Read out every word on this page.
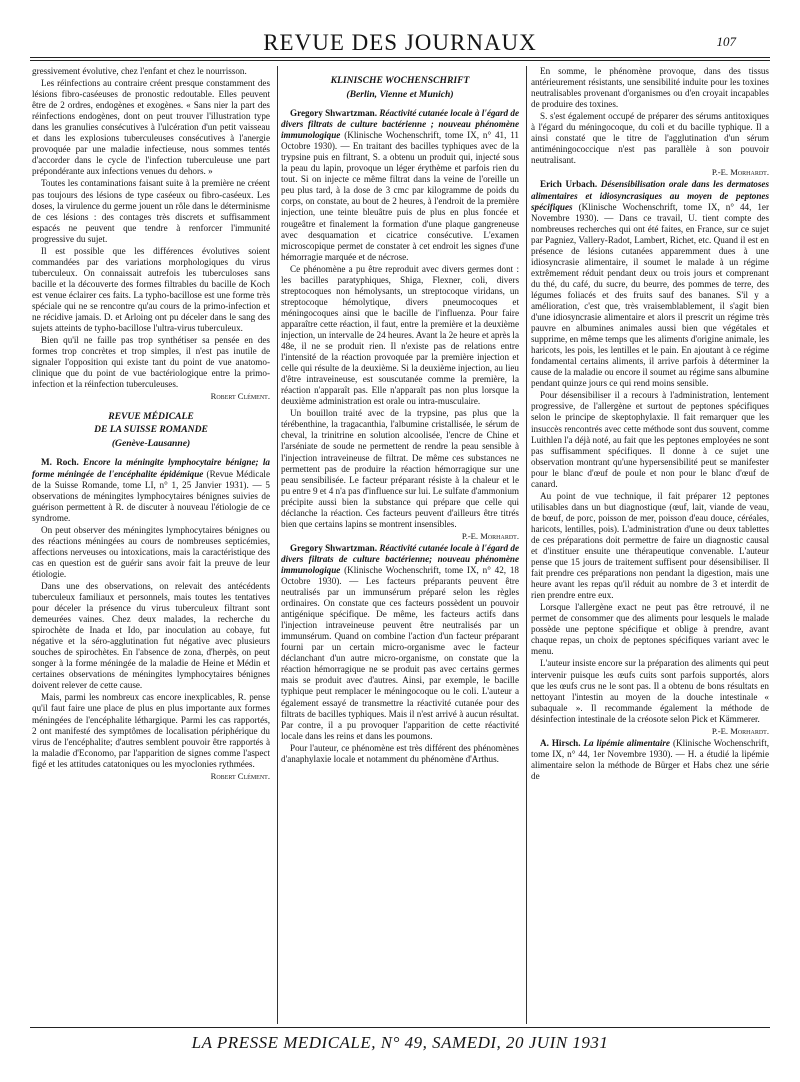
REVUE DES JOURNAUX	107

gressivement évolutive, chez l'enfant et chez le nourrisson.

Les réinfections au contraire créent presque constamment des lésions fibro-caséeuses de pronostic redoutable. Elles peuvent être de 2 ordres, endogènes et exogènes. « Sans nier la part des réinfections endogènes, dont on peut trouver l'illustration type dans les granulies consécutives à l'ulcération d'un petit vaisseau et dans les explosions tuberculeuses consécutives à l'anergie provoquée par une maladie infectieuse, nous sommes tentés d'accorder dans le cycle de l'infection tuberculeuse une part prépondérante aux infections venues du dehors. »

Toutes les contaminations faisant suite à la première ne créent pas toujours des lésions de type caséeux ou fibro-caséeux. Les doses, la virulence du germe jouent un rôle dans le déterminisme de ces lésions : des contages très discrets et suffisamment espacés ne peuvent que tendre à renforcer l'immunité progressive du sujet.

Il est possible que les différences évolutives soient commandées par des variations morphologiques du virus tuberculeux. On connaissait autrefois les tuberculoses sans bacille et la découverte des formes filtrables du bacille de Koch est venue éclairer ces faits. La typho-bacillose est une forme très spéciale qui ne se rencontre qu'au cours de la primo-infection et ne récidive jamais. D. et Arloing ont pu déceler dans le sang des sujets atteints de typho-bacillose l'ultra-virus tuberculeux.

Bien qu'il ne faille pas trop synthétiser sa pensée en des formes trop concrètes et trop simples, il n'est pas inutile de signaler l'opposition qui existe tant du point de vue anatomo-clinique que du point de vue bactériologique entre la primo-infection et la réinfection tuberculeuses.

Robert Clément.

REVUE MÉDICALE
DE LA SUISSE ROMANDE
(Genève-Lausanne)

M. Roch. Encore la méningite lymphocytaire bénigne; la forme méningée de l'encéphalite épidémique (Revue Médicale de la Suisse Romande, tome LI, n° 1, 25 Janvier 1931). — 5 observations de méningites lymphocytaires bénignes suivies de guérison permettent à R. de discuter à nouveau l'étiologie de ce syndrome.

On peut observer des méningites lymphocytaires bénignes ou des réactions méningées au cours de nombreuses septicémies, affections nerveuses ou intoxications, mais la caractéristique des cas en question est de guérir sans avoir fait la preuve de leur étiologie.

Dans une des observations, on relevait des antécédents tuberculeux familiaux et personnels, mais toutes les tentatives pour déceler la présence du virus tuberculeux filtrant sont demeurées vaines. Chez deux malades, la recherche du spirochète de Inada et Ido, par inoculation au cobaye, fut négative et la séro-agglutination fut négative avec plusieurs souches de spirochètes. En l'absence de zona, d'herpès, on peut songer à la forme méningée de la maladie de Heine et Médin et certaines observations de méningites lymphocytaires bénignes doivent relever de cette cause.

Mais, parmi les nombreux cas encore inexplicables, R. pense qu'il faut faire une place de plus en plus importante aux formes méningées de l'encéphalite léthargique. Parmi les cas rapportés, 2 ont manifesté des symptômes de localisation périphérique du virus de l'encéphalite; d'autres semblent pouvoir être rapportés à la maladie d'Economo, par l'apparition de signes comme l'aspect figé et les attitudes catatoniques ou les myoclonies rythmées.

Robert Clément.

KLINISCHE WOCHENSCHRIFT
(Berlin, Vienne et Munich)

Gregory Shwartzman. Réactivité cutanée locale à l'égard de divers filtrats de culture bactérienne ; nouveau phénomène immunologique (Klinische Wochenschrift, tome IX, n° 41, 11 Octobre 1930). — En traitant des bacilles typhiques avec de la trypsine puis en filtrant, S. a obtenu un produit qui, injecté sous la peau du lapin, provoque un léger érythème et parfois rien du tout. Si on injecte ce même filtrat dans la veine de l'oreille un peu plus tard, à la dose de 3 cmc par kilogramme de poids du corps, on constate, au bout de 2 heures, à l'endroit de la première injection, une teinte bleuâtre puis de plus en plus foncée et rougeâtre et finalement la formation d'une plaque gangreneuse avec desquamation et cicatrice consécutive. L'examen microscopique permet de constater à cet endroit les signes d'une hémorragie marquée et de nécrose.

Ce phénomène a pu être reproduit avec divers germes dont : les bacilles paratyphiques, Shiga, Flexner, coli, divers streptocoques non hémolysants, un streptocoque viridans, un streptocoque hémolytique, divers pneumocoques et méningocoques ainsi que le bacille de l'influenza. Pour faire apparaître cette réaction, il faut, entre la première et la deuxième injection, un intervalle de 24 heures. Avant la 2e heure et après la 48e, il ne se produit rien. Il n'existe pas de relations entre l'intensité de la réaction provoquée par la première injection et celle qui résulte de la deuxième. Si la deuxième injection, au lieu d'être intraveineuse, est souscutanée comme la première, la réaction n'apparaît pas. Elle n'apparaît pas non plus lorsque la deuxième administration est orale ou intra-musculaire.

Un bouillon traité avec de la trypsine, pas plus que la térébenthine, la tragacanthia, l'albumine cristallisée, le sérum de cheval, la trinitrine en solution alcoolisée, l'encre de Chine et l'arséniate de soude ne permettent de rendre la peau sensible à l'injection intraveineuse de filtrat. De même ces substances ne permettent pas de produire la réaction hémorragique sur une peau sensibilisée. Le facteur préparant résiste à la chaleur et le pu entre 9 et 4 n'a pas d'influence sur lui. Le sulfate d'ammonium précipite aussi bien la substance qui prépare que celle qui déclanche la réaction. Ces facteurs peuvent d'ailleurs être titrés bien que certains lapins se montrent insensibles.

P.-E. Morhardt.

Gregory Shwartzman. Réactivité cutanée locale à l'égard de divers filtrats de culture bactérienne; nouveau phénomène immunologique (Klinische Wochenschrift, tome IX, n° 42, 18 Octobre 1930). — Les facteurs préparants peuvent être neutralisés par un immunsérum préparé selon les règles ordinaires. On constate que ces facteurs possèdent un pouvoir antigénique spécifique. De même, les facteurs actifs dans l'injection intraveineuse peuvent être neutralisés par un immunsérum. Quand on combine l'action d'un facteur préparant fourni par un certain micro-organisme avec le facteur déclanchant d'un autre micro-organisme, on constate que la réaction hémorragique ne se produit pas avec certains germes mais se produit avec d'autres. Ainsi, par exemple, le bacille typhique peut remplacer le méningocoque ou le coli. L'auteur a également essayé de transmettre la réactivité cutanée pour des filtrats de bacilles typhiques. Mais il n'est arrivé à aucun résultat. Par contre, il a pu provoquer l'apparition de cette réactivité locale dans les reins et dans les poumons.

Pour l'auteur, ce phénomène est très différent des phénomènes d'anaphylaxie locale et notamment du phénomène d'Arthus.

En somme, le phénomène provoque, dans des tissus antérieurement résistants, une sensibilité induite pour les toxines neutralisables provenant d'organismes ou d'en croyait incapables de produire des toxines.

S. s'est également occupé de préparer des sérums antitoxiques à l'égard du méningocoque, du coli et du bacille typhique. Il a ainsi constaté que le titre de l'agglutination d'un sérum antiméningococcique n'est pas parallèle à son pouvoir neutralisant.

P.-E. Morhardt.

Erich Urbach. Désensibilisation orale dans les dermatoses alimentaires et idiosyncrasiques au moyen de peptones spécifiques (Klinische Wochenschrift, tome IX, n° 44, 1er Novembre 1930). — Dans ce travail, U. tient compte des nombreuses recherches qui ont été faites, en France, sur ce sujet par Pagniez, Vallery-Radot, Lambert, Richet, etc. Quand il est en présence de lésions cutanées apparemment dues à une idiosyncrasie alimentaire, il soumet le malade à un régime extrêmement réduit pendant deux ou trois jours et comprenant du thé, du café, du sucre, du beurre, des pommes de terre, des légumes foliacés et des fruits sauf des bananes. S'il y a amélioration, c'est que, très vraisemblablement, il s'agit bien d'une idiosyncrasie alimentaire et alors il prescrit un régime très pauvre en albumines animales aussi bien que végétales et supprime, en même temps que les aliments d'origine animale, les haricots, les pois, les lentilles et le pain. En ajoutant à ce régime fondamental certains aliments, il arrive parfois à déterminer la cause de la maladie ou encore il soumet au régime sans albumine pendant quinze jours ce qui rend moins sensible.

Pour désensibiliser il a recours à l'administration, lentement progressive, de l'allergène et surtout de peptones spécifiques selon le principe de skeptophylaxie. Il fait remarquer que les insuccès rencontrés avec cette méthode sont dus souvent, comme Luithlen l'a déjà noté, au fait que les peptones employées ne sont pas suffisamment spécifiques. Il donne à ce sujet une observation montrant qu'une hypersensibilité peut se manifester pour le blanc d'œuf de poule et non pour le blanc d'œuf de canard.

Au point de vue technique, il fait préparer 12 peptones utilisables dans un but diagnostique (œuf, lait, viande de veau, de bœuf, de porc, poisson de mer, poisson d'eau douce, céréales, haricots, lentilles, pois). L'administration d'une ou deux tablettes de ces préparations doit permettre de faire un diagnostic causal et d'instituer ensuite une thérapeutique convenable. L'auteur pense que 15 jours de traitement suffisent pour désensibiliser. Il fait prendre ces préparations non pendant la digestion, mais une heure avant les repas qu'il réduit au nombre de 3 et interdit de rien prendre entre eux.

Lorsque l'allergène exact ne peut pas être retrouvé, il ne permet de consommer que des aliments pour lesquels le malade possède une peptone spécifique et oblige à prendre, avant chaque repas, un choix de peptones spécifiques variant avec le menu.

L'auteur insiste encore sur la préparation des aliments qui peut intervenir puisque les œufs cuits sont parfois supportés, alors que les œufs crus ne le sont pas. Il a obtenu de bons résultats en nettoyant l'intestin au moyen de la douche intestinale « subaquale ». Il recommande également la méthode de désinfection intestinale de la créosote selon Pick et Kämmerer.

P.-E. Morhardt.

A. Hirsch. La lipémie alimentaire (Klinische Wochenschrift, tome IX, n° 44, 1er Novembre 1930). — H. a étudié la lipémie alimentaire selon la méthode de Bürger et Habs chez une série de

LA PRESSE MEDICALE, N° 49, SAMEDI, 20 JUIN 1931
